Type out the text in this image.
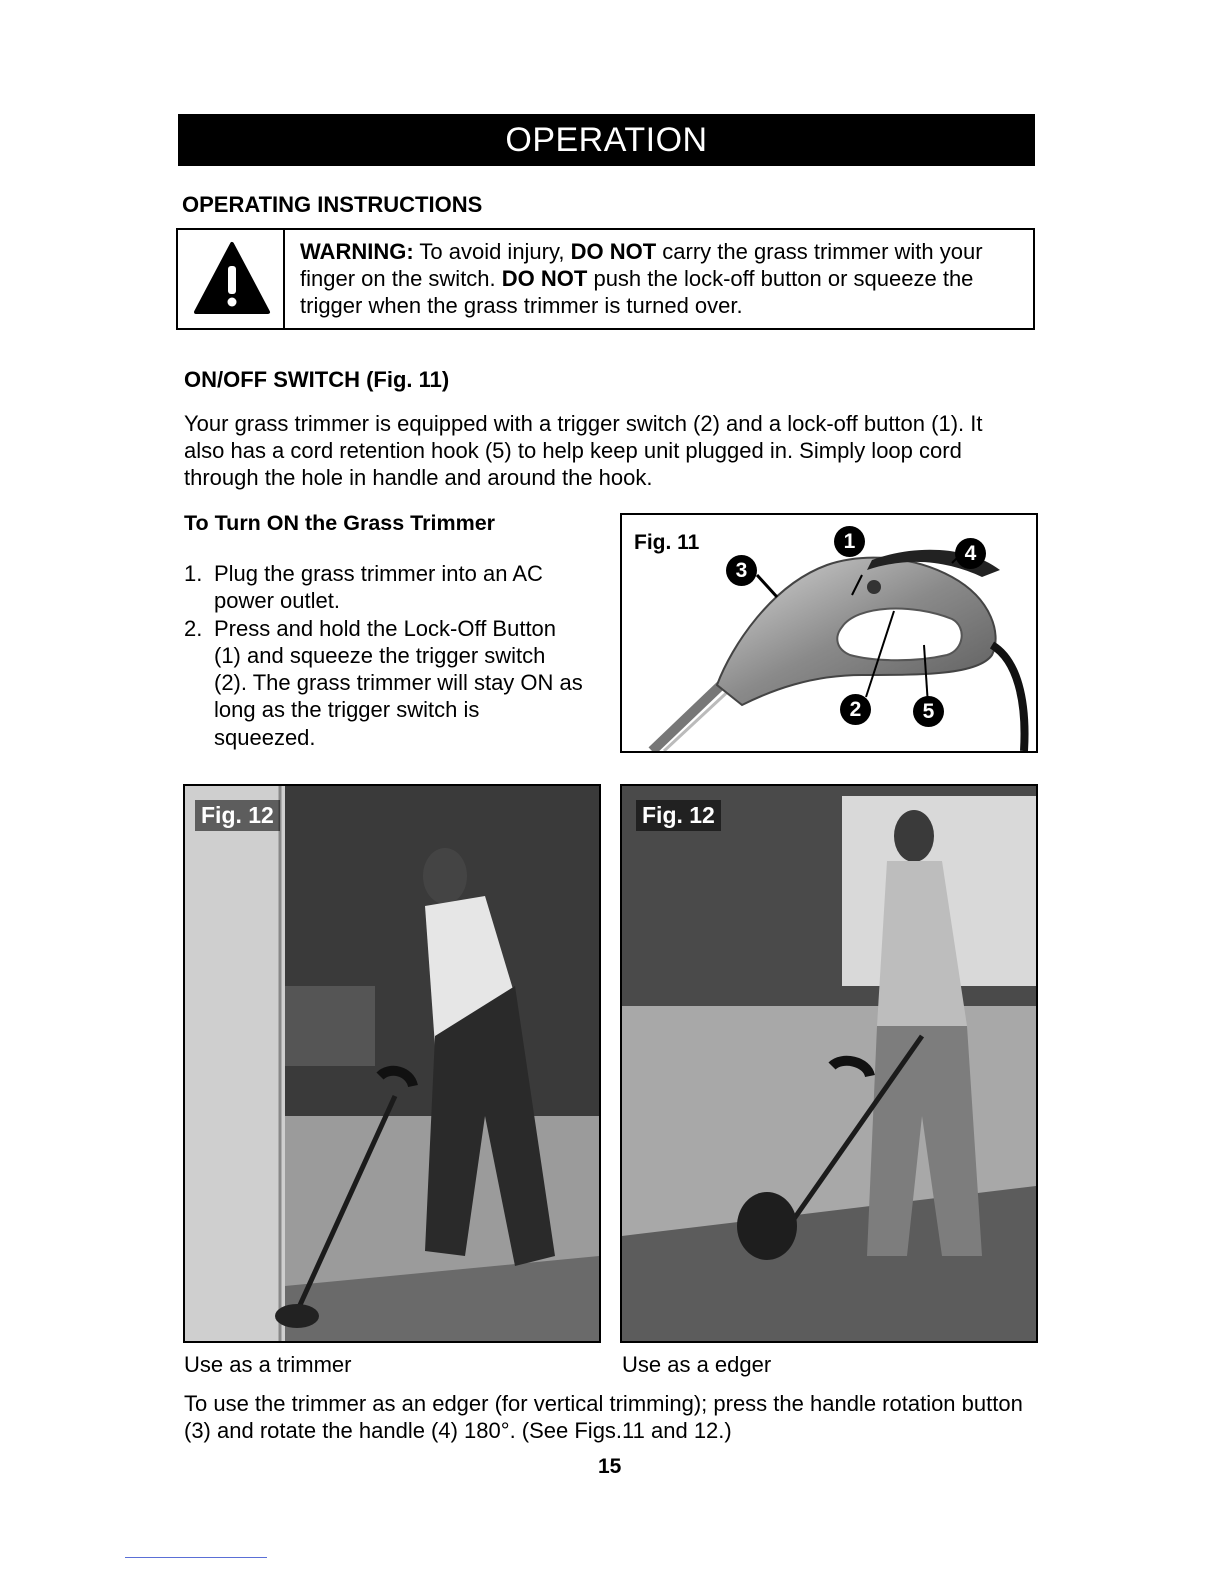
OPERATION
OPERATING INSTRUCTIONS
WARNING: To avoid injury, DO NOT carry the grass trimmer with your finger on the switch. DO NOT push the lock-off button or squeeze the trigger when the grass trimmer is turned over.
ON/OFF SWITCH (Fig. 11)
Your grass trimmer is equipped with a trigger switch (2) and a lock-off button (1). It also has a cord retention hook (5) to help keep unit plugged in. Simply loop cord through the hole in handle and around the hook.
To Turn ON the Grass Trimmer
1. Plug the grass trimmer into an AC power outlet.
2. Press and hold the Lock-Off Button (1) and squeeze the trigger switch (2). The grass trimmer will stay ON as long as the trigger switch is squeezed.
Fig. 11	1
4
3
2	5
Fig. 12	Fig. 12
Use as a trimmer	Use as a edger
To use the trimmer as an edger (for vertical trimming); press the handle rotation button (3) and rotate the handle (4) 180°. (See Figs.11 and 12.)
15
